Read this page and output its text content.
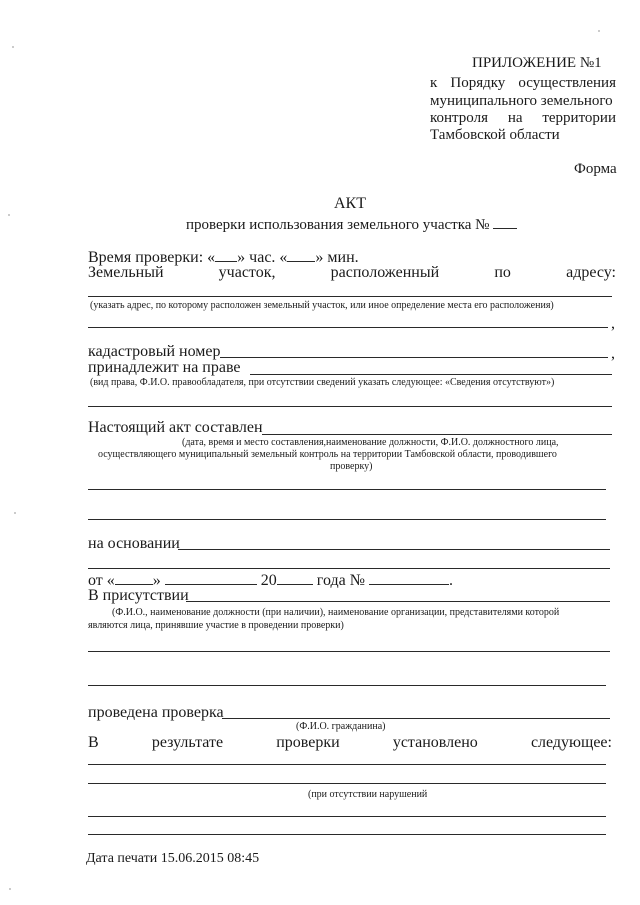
ПРИЛОЖЕНИЕ №1
к Порядку осуществления
муниципального земельного
контроля на территории
Тамбовской области
Форма
АКТ
проверки использования земельного участка №
Время проверки: « » час. « » мин.
Земельный	участок,	расположенный	по	адресу:
(указать адрес, по которому расположен земельный участок, или иное определение места его расположения)
,
кадастровый номер	,
принадлежит на праве
(вид права, Ф.И.О. правообладателя, при отсутствии сведений указать следующее: «Сведения отсутствуют»)
Настоящий акт составлен
(дата, время и место составления,наименование должности, Ф.И.О. должностного лица,
осуществляющего муниципальный земельный контроль на территории Тамбовской области, проводившего
проверку)
на основании
от « »	20	года №	.
В присутствии
(Ф.И.О., наименование должности (при наличии), наименование организации, представителями которой
являются лица, принявшие участие в проведении проверки)
проведена проверка
(Ф.И.О. гражданина)
В	результате	проверки	установлено	следующее:
(при отсутствии нарушений
Дата печати 15.06.2015 08:45
